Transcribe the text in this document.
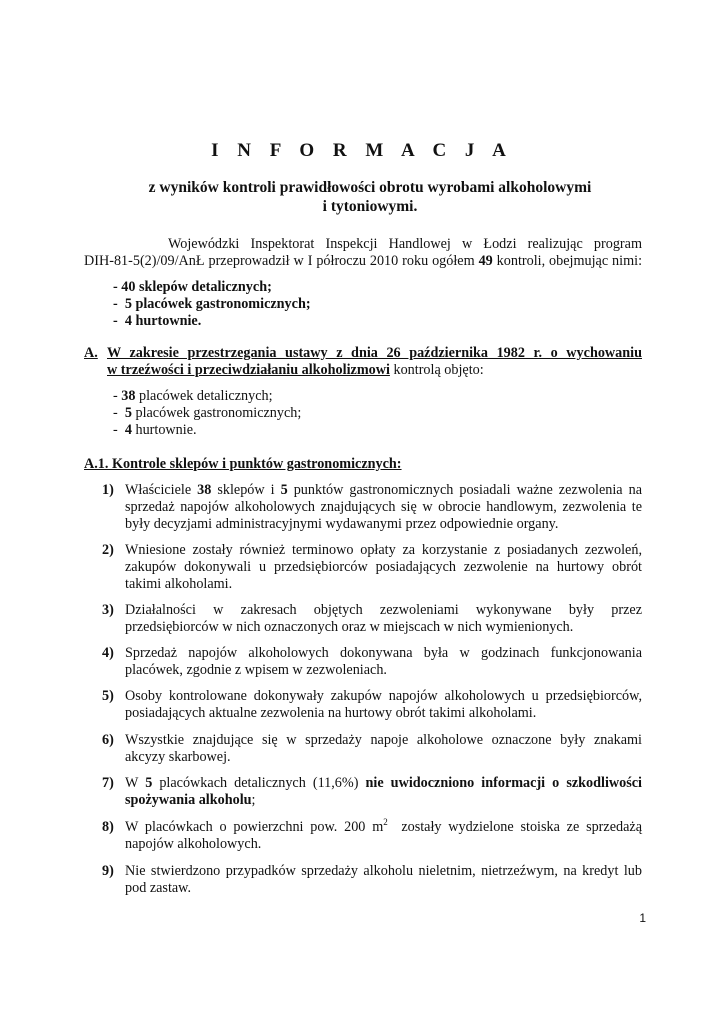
I N F O R M A C J A
z wyników kontroli prawidłowości obrotu wyrobami alkoholowymi
i tytoniowymi.
Wojewódzki Inspektorat Inspekcji Handlowej w Łodzi realizując program
DIH-81-5(2)/09/AnŁ przeprowadził w I półroczu 2010 roku ogółem 49 kontroli, obejmując nimi:
- 40 sklepów detalicznych;
-  5 placówek gastronomicznych;
-  4 hurtownie.
A. W zakresie przestrzegania ustawy z dnia 26 października 1982 r. o wychowaniu
w trzeźwości i przeciwdziałaniu alkoholizmowi kontrolą objęto:
- 38 placówek detalicznych;
-  5 placówek gastronomicznych;
-  4 hurtownie.
A.1. Kontrole sklepów i punktów gastronomicznych:
1) Właściciele 38 sklepów i 5 punktów gastronomicznych posiadali ważne zezwolenia na
sprzedaż napojów alkoholowych znajdujących się w obrocie handlowym, zezwolenia te
były decyzjami administracyjnymi wydawanymi przez odpowiednie organy.
2) Wniesione zostały również terminowo opłaty za korzystanie z posiadanych zezwoleń,
zakupów dokonywali u przedsiębiorców posiadających zezwolenie na hurtowy obrót
takimi alkoholami.
3) Działalności w zakresach objętych zezwoleniami wykonywane były przez
przedsiębiorców w nich oznaczonych oraz w miejscach w nich wymienionych.
4) Sprzedaż napojów alkoholowych dokonywana była w godzinach funkcjonowania
placówek, zgodnie z wpisem w zezwoleniach.
5) Osoby kontrolowane dokonywały zakupów napojów alkoholowych u przedsiębiorców,
posiadających aktualne zezwolenia na hurtowy obrót takimi alkoholami.
6) Wszystkie znajdujące się w sprzedaży napoje alkoholowe oznaczone były znakami
akcyzy skarbowej.
7) W 5 placówkach detalicznych (11,6%) nie uwidoczniono informacji o szkodliwości
spożywania alkoholu;
8) W placówkach o powierzchni pow. 200 $m^2$  zostały wydzielone stoiska ze sprzedażą
napojów alkoholowych.
9) Nie stwierdzono przypadków sprzedaży alkoholu nieletnim, nietrzeźwym, na kredyt lub
pod zastaw.
1
